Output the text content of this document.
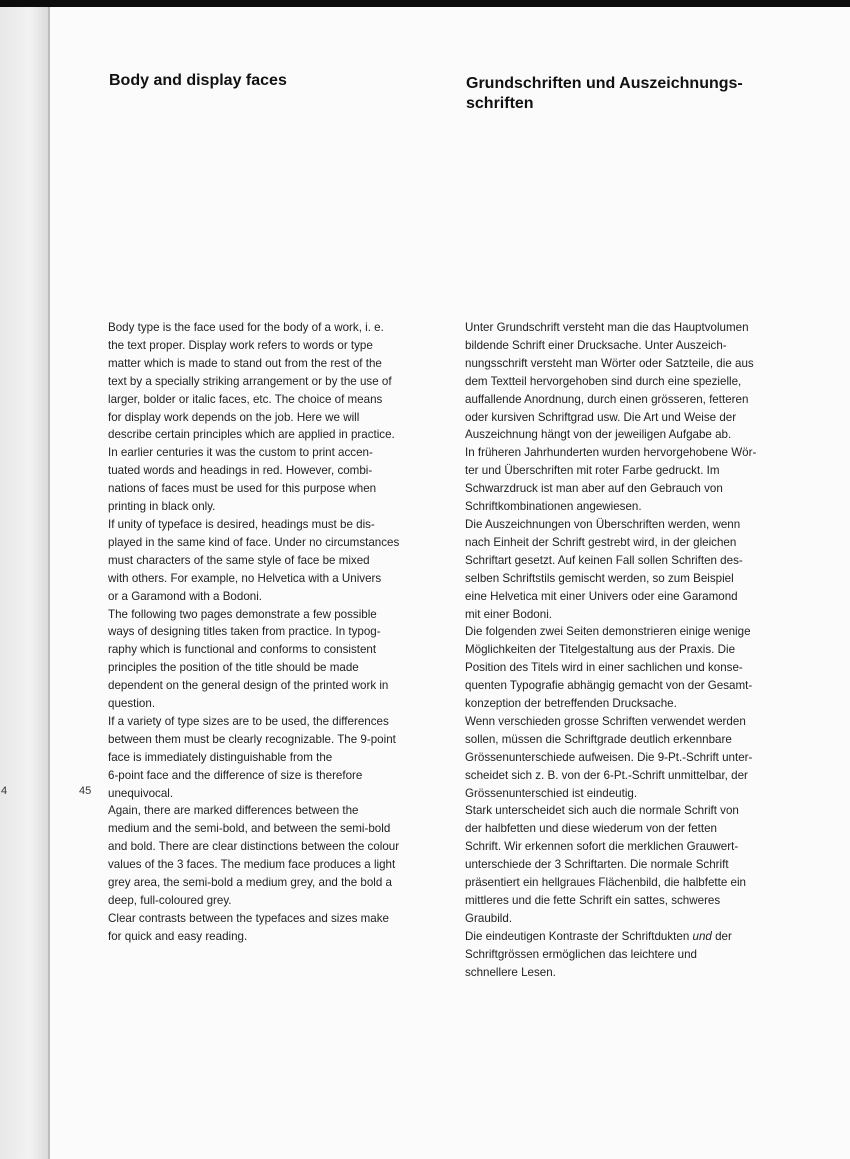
4	45
Body and display faces	Grundschriften und Auszeichnungs-
schriften

Body type is the face used for the body of a work, i. e.

the text proper. Display work refers to words or type

matter which is made to stand out from the rest of the

text by a specially striking arrangement or by the use of

larger, bolder or italic faces, etc. The choice of means

for display work depends on the job. Here we will

describe certain principles which are applied in practice.

In earlier centuries it was the custom to print accen-

tuated words and headings in red. However, combi-

nations of faces must be used for this purpose when

printing in black only.

If unity of typeface is desired, headings must be dis-

played in the same kind of face. Under no circumstances

must characters of the same style of face be mixed

with others. For example, no Helvetica with a Univers

or a Garamond with a Bodoni.

The following two pages demonstrate a few possible

ways of designing titles taken from practice. In typog-

raphy which is functional and conforms to consistent

principles the position of the title should be made

dependent on the general design of the printed work in

question.

If a variety of type sizes are to be used, the differences

between them must be clearly recognizable. The 9-point

face is immediately distinguishable from the

6-point face and the difference of size is therefore

unequivocal.

Again, there are marked differences between the

medium and the semi-bold, and between the semi-bold

and bold. There are clear distinctions between the colour

values of the 3 faces. The medium face produces a light

grey area, the semi-bold a medium grey, and the bold a

deep, full-coloured grey.

Clear contrasts between the typefaces and sizes make

for quick and easy reading.

Unter Grundschrift versteht man die das Hauptvolumen

bildende Schrift einer Drucksache. Unter Auszeich-

nungsschrift versteht man Wörter oder Satzteile, die aus

dem Textteil hervorgehoben sind durch eine spezielle,

auffallende Anordnung, durch einen grösseren, fetteren

oder kursiven Schriftgrad usw. Die Art und Weise der

Auszeichnung hängt von der jeweiligen Aufgabe ab.

In früheren Jahrhunderten wurden hervorgehobene Wör-

ter und Überschriften mit roter Farbe gedruckt. Im

Schwarzdruck ist man aber auf den Gebrauch von

Schriftkombinationen angewiesen.

Die Auszeichnungen von Überschriften werden, wenn

nach Einheit der Schrift gestrebt wird, in der gleichen

Schriftart gesetzt. Auf keinen Fall sollen Schriften des-

selben Schriftstils gemischt werden, so zum Beispiel

eine Helvetica mit einer Univers oder eine Garamond

mit einer Bodoni.

Die folgenden zwei Seiten demonstrieren einige wenige

Möglichkeiten der Titelgestaltung aus der Praxis. Die

Position des Titels wird in einer sachlichen und konse-

quenten Typografie abhängig gemacht von der Gesamt-

konzeption der betreffenden Drucksache.

Wenn verschieden grosse Schriften verwendet werden

sollen, müssen die Schriftgrade deutlich erkennbare

Grössenunterschiede aufweisen. Die 9-Pt.-Schrift unter-

scheidet sich z. B. von der 6-Pt.-Schrift unmittelbar, der

Grössenunterschied ist eindeutig.

Stark unterscheidet sich auch die normale Schrift von

der halbfetten und diese wiederum von der fetten

Schrift. Wir erkennen sofort die merklichen Grauwert-

unterschiede der 3 Schriftarten. Die normale Schrift

präsentiert ein hellgraues Flächenbild, die halbfette ein

mittleres und die fette Schrift ein sattes, schweres

Graubild.

Die eindeutigen Kontraste der Schriftdukten und der

Schriftgrössen ermöglichen das leichtere und

schnellere Lesen.
